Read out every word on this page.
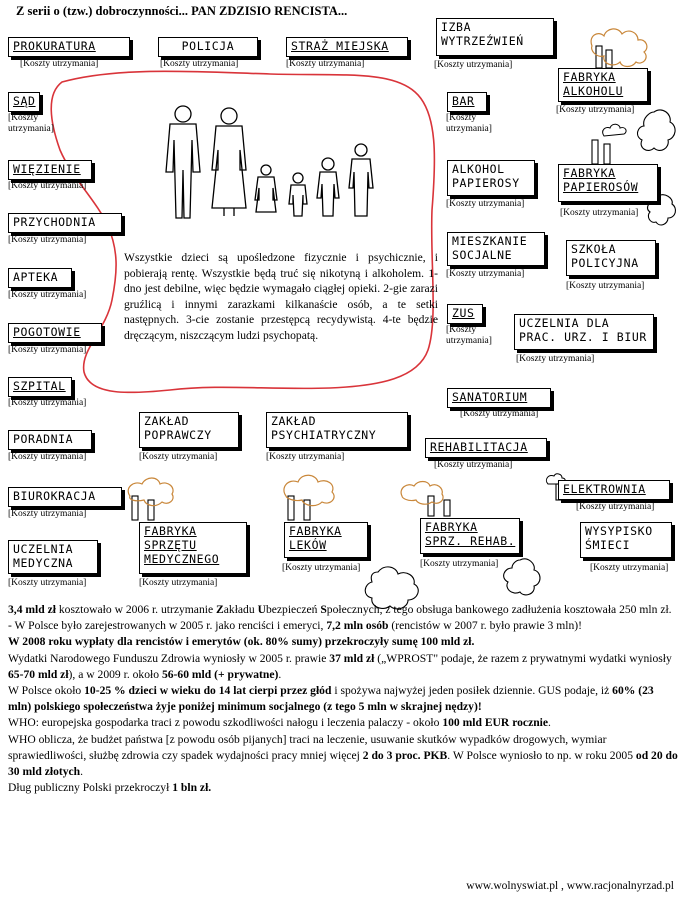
Z serii o (tzw.) dobroczynności... PAN ZDZISIO RENCISTA...
PROKURATURA
[Koszty utrzymania]
SĄD
[Koszty utrzymania]
WIĘZIENIE
[Koszty utrzymania]
PRZYCHODNIA
[Koszty utrzymania]
APTEKA
[Koszty utrzymania]
POGOTOWIE
[Koszty utrzymania]
SZPITAL
[Koszty utrzymania]
PORADNIA
[Koszty utrzymania]
BIUROKRACJA
[Koszty utrzymania]
UCZELNIA
MEDYCZNA
[Koszty utrzymania]
POLICJA
[Koszty utrzymania]
STRAŻ MIEJSKA
[Koszty utrzymania]
IZBA
WYTRZEŹWIEŃ
[Koszty utrzymania]
BAR
[Koszty utrzymania]
ALKOHOL
PAPIEROSY
[Koszty utrzymania]
MIESZKANIE
SOCJALNE
[Koszty utrzymania]
ZUS
[Koszty utrzymania]
UCZELNIA DLA
PRAC. URZ. I BIUR
[Koszty utrzymania]
SANATORIUM
[Koszty utrzymania]
REHABILITACJA
[Koszty utrzymania]
FABRYKA
ALKOHOLU
[Koszty utrzymania]
FABRYKA
PAPIEROSÓW
[Koszty utrzymania]
SZKOŁA
POLICYJNA
[Koszty utrzymania]
ELEKTROWNIA
[Koszty utrzymania]
WYSYPISKO
ŚMIECI
[Koszty utrzymania]
ZAKŁAD
POPRAWCZY
[Koszty utrzymania]
ZAKŁAD
PSYCHIATRYCZNY
[Koszty utrzymania]
FABRYKA
SPRZĘTU
MEDYCZNEGO
[Koszty utrzymania]
FABRYKA
LEKÓW
[Koszty utrzymania]
FABRYKA
SPRZ. REHAB.
[Koszty utrzymania]
Wszystkie dzieci są upośledzone fizycznie i psychicznie, i pobierają rentę. Wszystkie będą truć się nikotyną i alkoholem. 1-dno jest debilne, więc będzie wymagało ciągłej opieki. 2-gie zarazi gruźlicą i innymi zarazkami kilkanaście osób, a te setki następnych. 3-cie zostanie przestępcą recydywistą. 4-te będzie dręczącym, niszczącym ludzi psychopatą.

3,4 mld zł kosztowało w 2006 r. utrzymanie Zakładu Ubezpieczeń Społecznych, z tego obsługa bankowego zadłużenia kosztowała 250 mln zł.

- W Polsce było zarejestrowanych w 2005 r. jako renciści i emeryci, 7,2 mln osób (rencistów w 2007 r. było prawie 3 mln)!

W 2008 roku wypłaty dla rencistów i emerytów (ok. 80% sumy) przekroczyły sumę 100 mld zł.

Wydatki Narodowego Funduszu Zdrowia wyniosły w 2005 r. prawie 37 mld zł („WPROST" podaje, że razem z prywatnymi wydatki wyniosły 65-70 mld zł), a w 2009 r. około 56-60 mld (+ prywatne).

W Polsce około 10-25 % dzieci w wieku do 14 lat cierpi przez głód i spożywa najwyżej jeden posiłek dziennie. GUS podaje, iż 60% (23 mln) polskiego społeczeństwa żyje poniżej minimum socjalnego (z tego 5 mln w skrajnej nędzy)!

WHO: europejska gospodarka traci z powodu szkodliwości nałogu i leczenia palaczy - około 100 mld EUR rocznie.

WHO oblicza, że budżet państwa [z powodu osób pijanych] traci na leczenie, usuwanie skutków wypadków drogowych, wymiar sprawiedliwości, służbę zdrowia czy spadek wydajności pracy mniej więcej 2 do 3 proc. PKB. W Polsce wyniosło to np. w roku 2005 od 20 do 30 mld złotych.

Dług publiczny Polski przekroczył 1 bln zł.

www.wolnyswiat.pl , www.racjonalnyrzad.pl
